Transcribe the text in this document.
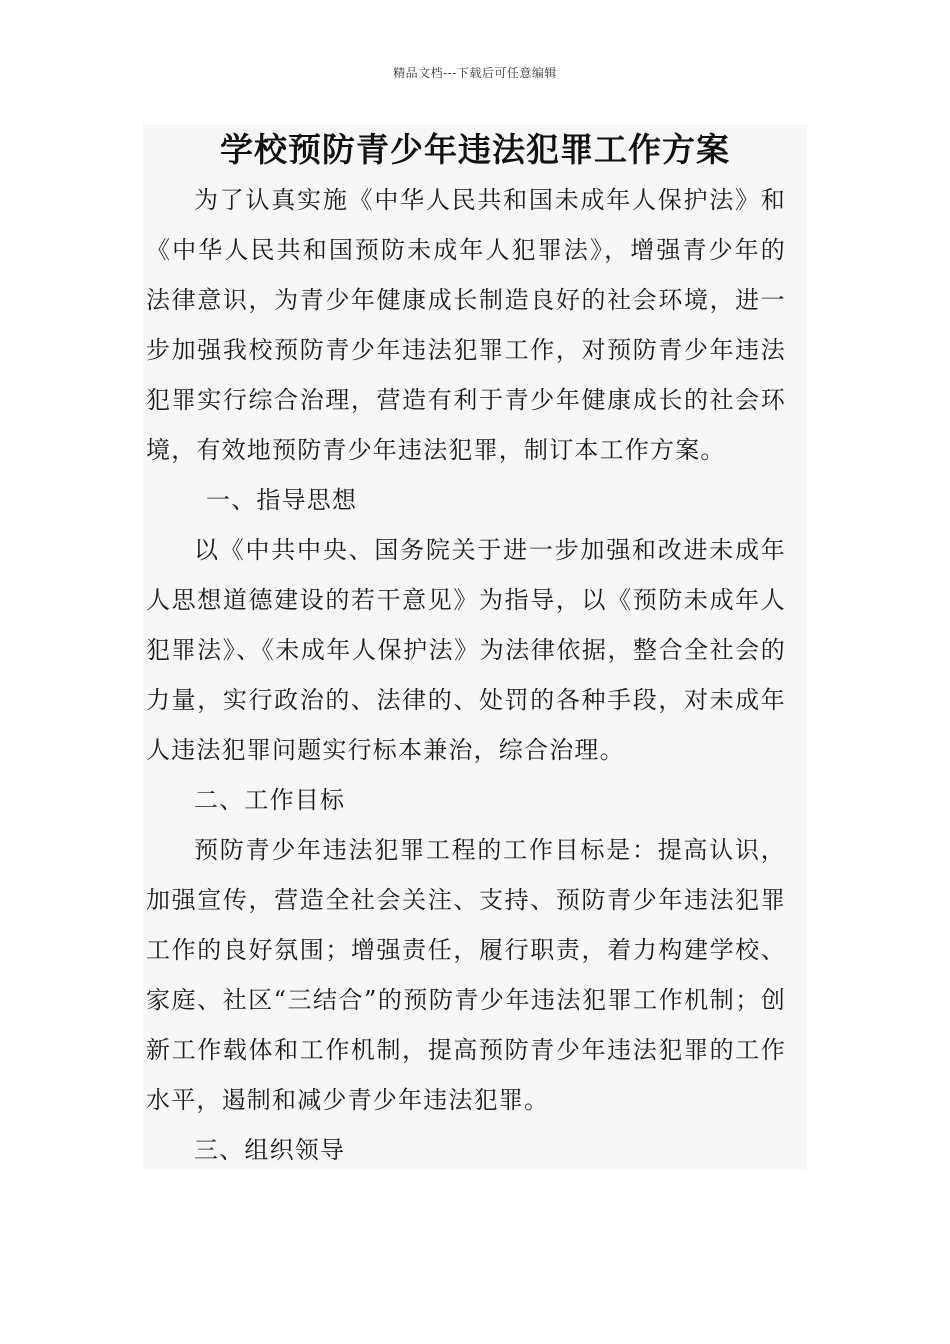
精品文档---下载后可任意编辑
学校预防青少年违法犯罪工作方案

为了认真实施《中华人民共和国未成年人保护法》和《中华人民共和国预防未成年人犯罪法》，增强青少年的法律意识，为青少年健康成长制造良好的社会环境，进一步加强我校预防青少年违法犯罪工作，对预防青少年违法犯罪实行综合治理，营造有利于青少年健康成长的社会环境，有效地预防青少年违法犯罪，制订本工作方案。

一、指导思想

以《中共中央、国务院关于进一步加强和改进未成年人思想道德建设的若干意见》为指导，以《预防未成年人犯罪法》、《未成年人保护法》为法律依据，整合全社会的力量，实行政治的、法律的、处罚的各种手段，对未成年人违法犯罪问题实行标本兼治，综合治理。

二、工作目标

预防青少年违法犯罪工程的工作目标是：提高认识，加强宣传，营造全社会关注、支持、预防青少年违法犯罪工作的良好氛围；增强责任，履行职责，着力构建学校、家庭、社区“三结合”的预防青少年违法犯罪工作机制；创新工作载体和工作机制，提高预防青少年违法犯罪的工作水平，遏制和减少青少年违法犯罪。

三、组织领导
